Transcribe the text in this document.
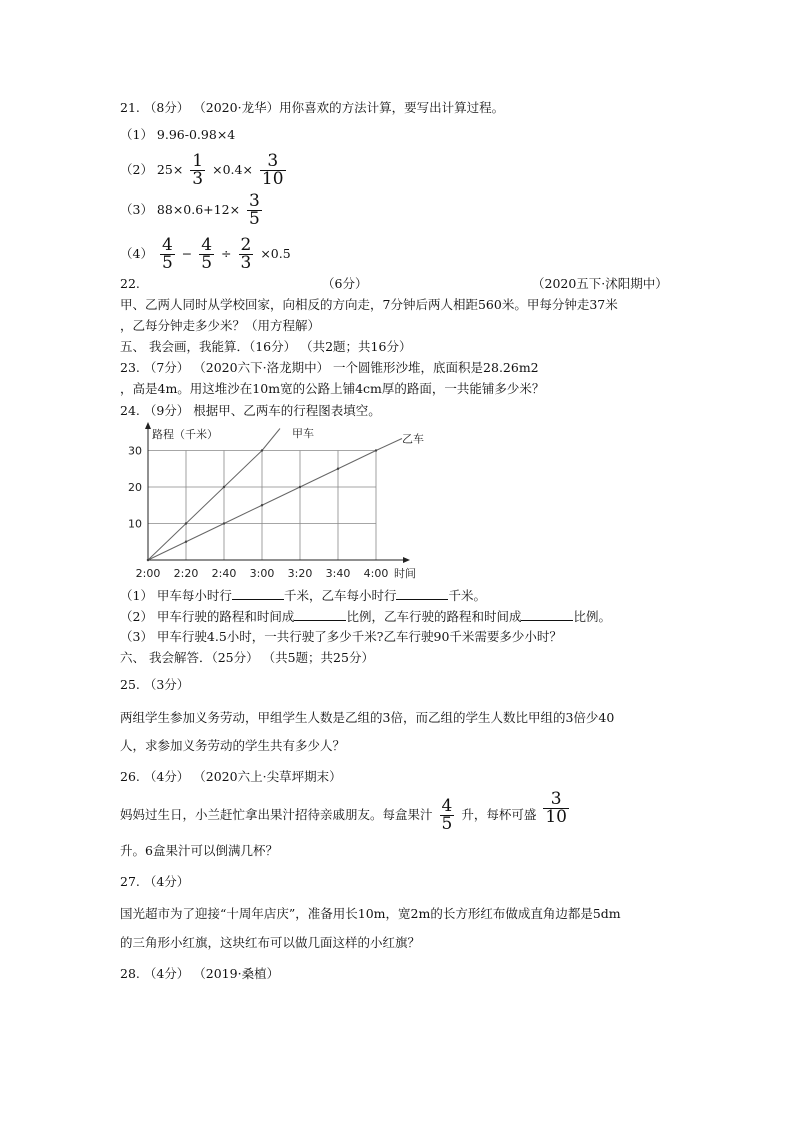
21. （8分） （2020·龙华）用你喜欢的方法计算，要写出计算过程。
（1） 9.96-0.98×4
（2） $25\times \frac{1}{3} \times 0.4\times \frac{3}{10}$
（3） $88\times 0.6+12\times \frac{3}{5}$
$(4) \frac{4}{5} - \frac{4}{5} \div \frac{2}{3} \times 0.5$
22.	（6分）	（2020五下·沭阳期中）
甲、乙两人同时从学校回家，向相反的方向走，7分钟后两人相距560米。甲每分钟走37米
，乙每分钟走多少米？（用方程解）
五、 我会画，我能算．（16分） （共2题；共16分）
23. （7分） （2020六下·洛龙期中） 一个圆锥形沙堆，底面积是28.26m2
，高是4m。用这堆沙在10m宽的公路上铺4cm厚的路面，一共能铺多少米？
24. （9分） 根据甲、乙两车的行程图表填空。
2:00 2:20 2:40 3:00 3:20 3:40 4:00
10
20
30
路程（千米）
时间
甲车	乙车
（1） 甲车每小时行	千米，乙车每小时行	千米。
（2） 甲车行驶的路程和时间成	比例，乙车行驶的路程和时间成	比例。
（3） 甲车行驶4.5小时，一共行驶了多少千米?乙车行驶90千米需要多少小时？
六、 我会解答．（25分） （共5题；共25分）
25. （3分）
两组学生参加义务劳动，甲组学生人数是乙组的3倍，而乙组的学生人数比甲组的3倍少40
人，求参加义务劳动的学生共有多少人？
26. （4分） （2020六上·尖草坪期末）
妈妈过生日，小兰赶忙拿出果汁招待亲戚朋友。每盒果汁 $\frac{4}{5}$ 升，每杯可盛 $\frac{3}{10}$
升。6盒果汁可以倒满几杯？
27. （4分）
国光超市为了迎接“十周年店庆”，准备用长10m，宽2m的长方形红布做成直角边都是5dm
的三角形小红旗，这块红布可以做几面这样的小红旗？
28. （4分） （2019·桑植）
